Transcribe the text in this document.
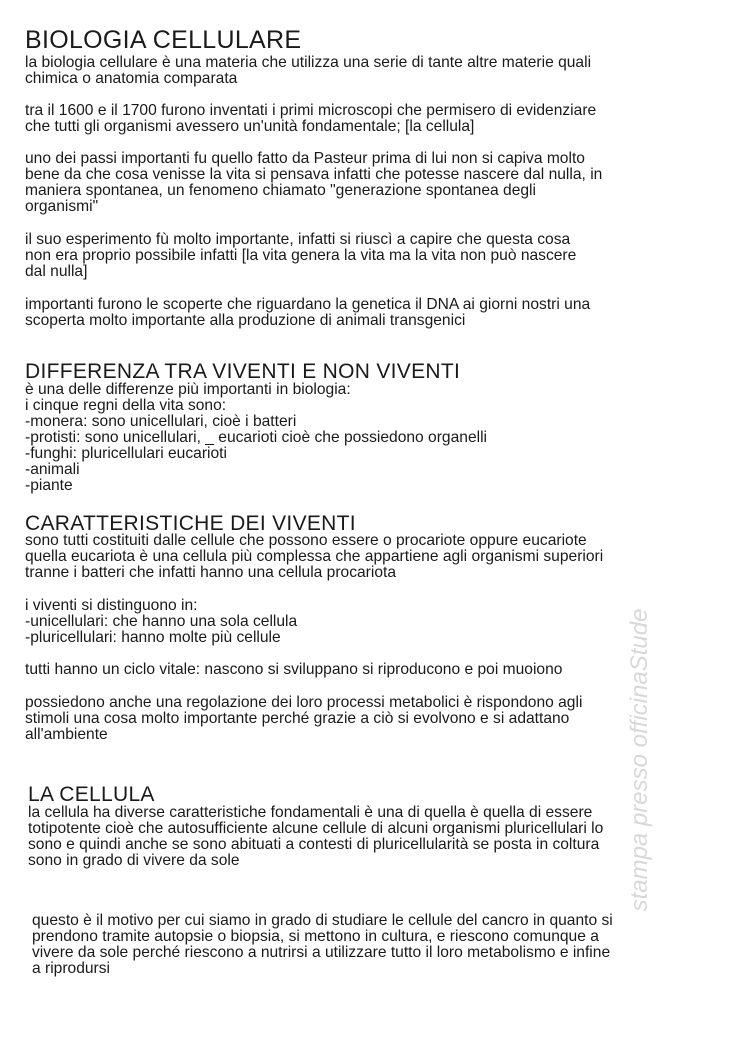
stampa presso officinaStude
BIOLOGIA CELLULARE
la biologia cellulare è una materia che utilizza una serie di tante altre materie quali
chimica o anatomia comparata
tra il 1600 e il 1700 furono inventati i primi microscopi che permisero di evidenziare
che tutti gli organismi avessero un'unità fondamentale; [la cellula]
uno dei passi importanti fu quello fatto da Pasteur prima di lui non si capiva molto
bene da che cosa venisse la vita si pensava infatti che potesse nascere dal nulla, in
maniera spontanea, un fenomeno chiamato "generazione spontanea degli
organismi"
il suo esperimento fù molto importante, infatti si riuscì a capire che questa cosa
non era proprio possibile infatti [la vita genera la vita ma la vita non può nascere
dal nulla]
importanti furono le scoperte che riguardano la genetica il DNA ai giorni nostri una
scoperta molto importante alla produzione di animali transgenici
DIFFERENZA TRA VIVENTI E NON VIVENTI
è una delle differenze più importanti in biologia:
i cinque regni della vita sono:
-monera: sono unicellulari, cioè i batteri
-protisti: sono unicellulari, _ eucarioti cioè che possiedono organelli
-funghi: pluricellulari eucarioti
-animali
-piante
CARATTERISTICHE DEI VIVENTI
sono tutti costituiti dalle cellule che possono essere o procariote oppure eucariote
quella eucariota è una cellula più complessa che appartiene agli organismi superiori
tranne i batteri che infatti hanno una cellula procariota
i viventi si distinguono in:
-unicellulari: che hanno una sola cellula
-pluricellulari: hanno molte più cellule
tutti hanno un ciclo vitale: nascono si sviluppano si riproducono e poi muoiono
possiedono anche una regolazione dei loro processi metabolici è rispondono agli
stimoli una cosa molto importante perché grazie a ciò si evolvono e si adattano
all'ambiente
LA CELLULA
la cellula ha diverse caratteristiche fondamentali è una di quella è quella di essere
totipotente cioè che autosufficiente alcune cellule di alcuni organismi pluricellulari lo
sono e quindi anche se sono abituati a contesti di pluricellularità se posta in coltura
sono in grado di vivere da sole
questo è il motivo per cui siamo in grado di studiare le cellule del cancro in quanto si
prendono tramite autopsie o biopsia, si mettono in cultura, e riescono comunque a
vivere da sole perché riescono a nutrirsi a utilizzare tutto il loro metabolismo e infine
a riprodursi
